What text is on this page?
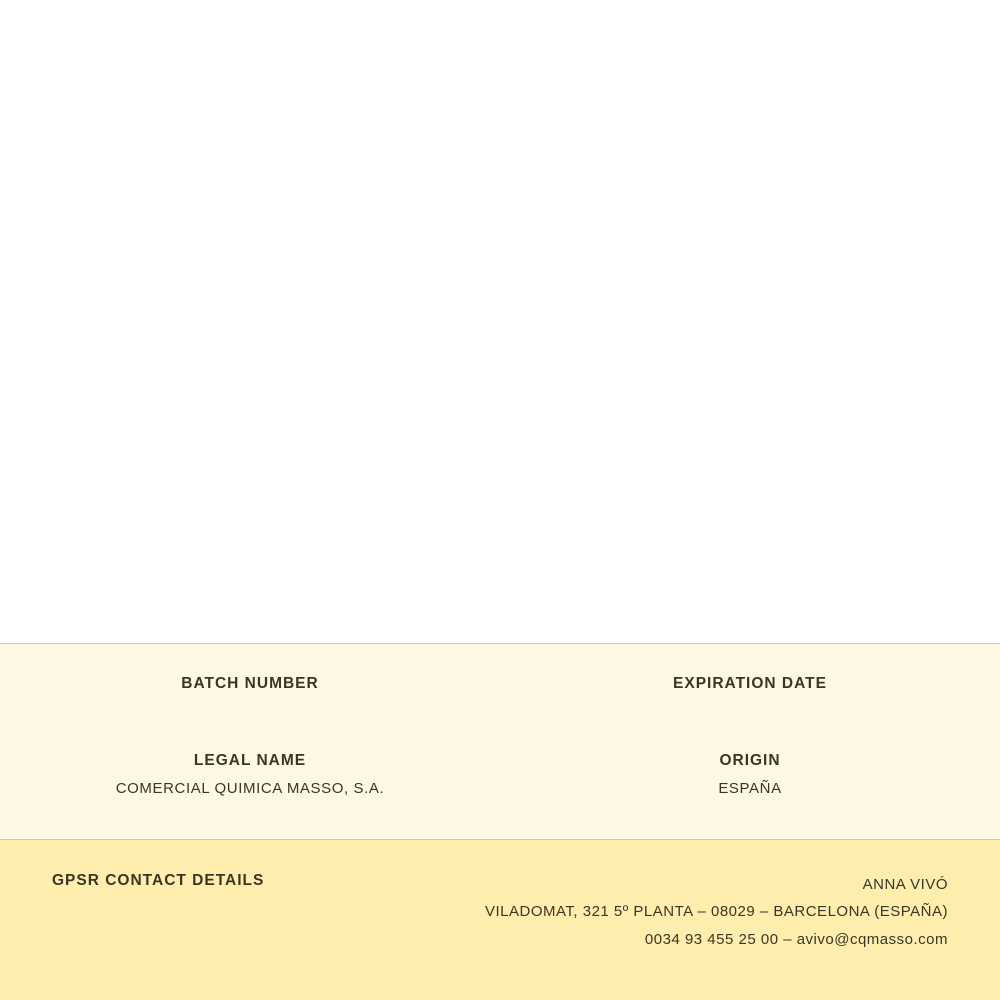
BATCH NUMBER	EXPIRATION DATE
LEGAL NAME
COMERCIAL QUIMICA MASSO, S.A.
ORIGIN
ESPAÑA
GPSR CONTACT DETAILS	ANNA VIVÓ
VILADOMAT, 321 5º PLANTA – 08029 – BARCELONA (ESPAÑA)
0034 93 455 25 00 – avivo@cqmasso.com
